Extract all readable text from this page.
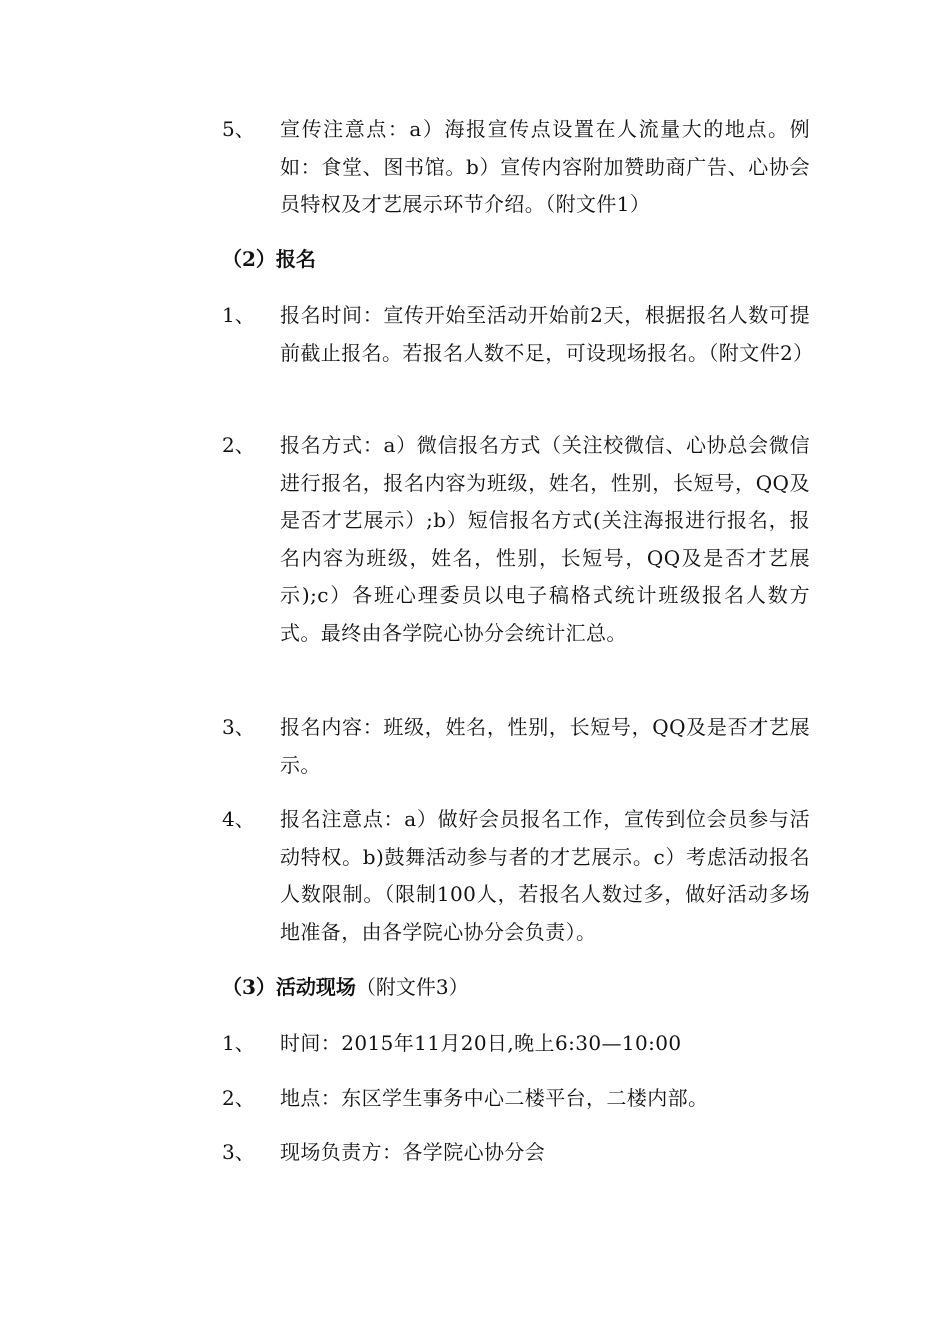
5、 宣传注意点：a）海报宣传点设置在人流量大的地点。例如：食堂、图书馆。b）宣传内容附加赞助商广告、心协会员特权及才艺展示环节介绍。（附文件1）
（2）报名
1、 报名时间：宣传开始至活动开始前2天，根据报名人数可提前截止报名。若报名人数不足，可设现场报名。（附文件2）
2、 报名方式：a）微信报名方式（关注校微信、心协总会微信进行报名，报名内容为班级，姓名，性别，长短号，QQ及是否才艺展示）;b）短信报名方式(关注海报进行报名，报名内容为班级，姓名，性别，长短号，QQ及是否才艺展示);c）各班心理委员以电子稿格式统计班级报名人数方式。最终由各学院心协分会统计汇总。
3、 报名内容：班级，姓名，性别，长短号，QQ及是否才艺展示。
4、 报名注意点：a）做好会员报名工作，宣传到位会员参与活动特权。b)鼓舞活动参与者的才艺展示。c）考虑活动报名人数限制。（限制100人，若报名人数过多，做好活动多场地准备，由各学院心协分会负责）。
（3）活动现场（附文件3）
1、 时间：2015年11月20日,晚上6:30—10:00
2、 地点：东区学生事务中心二楼平台，二楼内部。
3、 现场负责方：各学院心协分会
